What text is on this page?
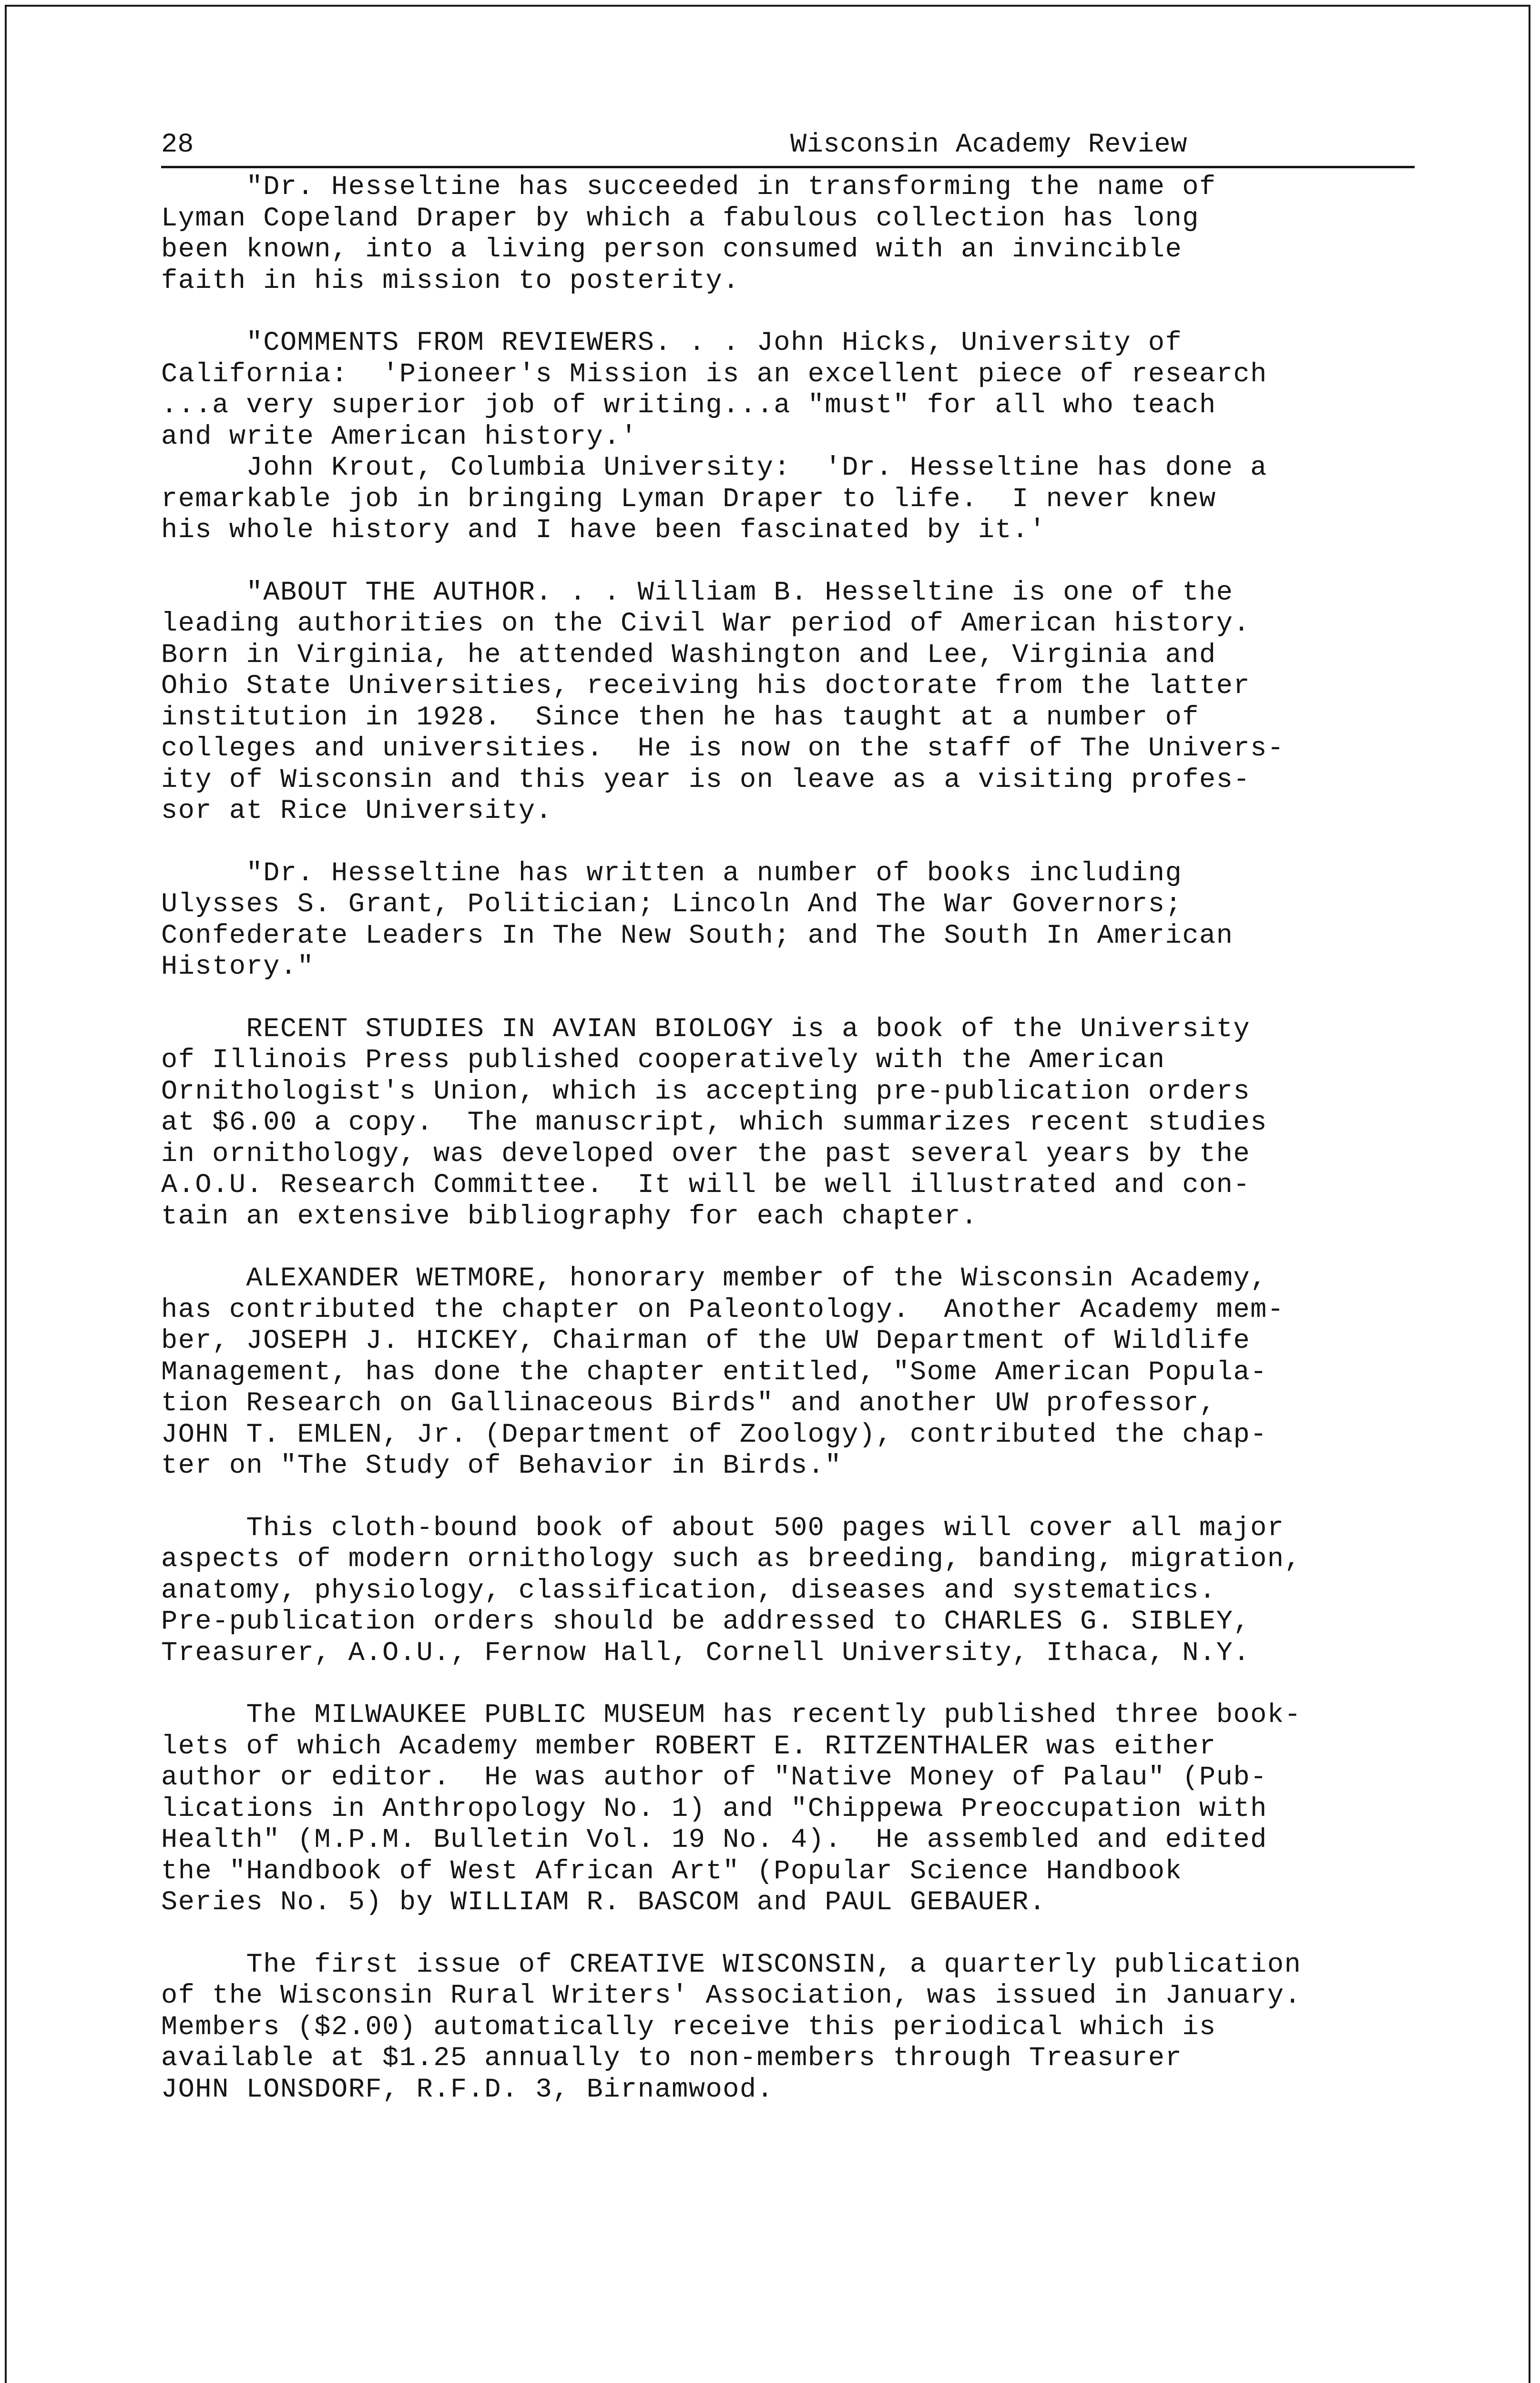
28	Wisconsin Academy Review
"Dr. Hesseltine has succeeded in transforming the name of
Lyman Copeland Draper by which a fabulous collection has long
been known, into a living person consumed with an invincible
faith in his mission to posterity.
"COMMENTS FROM REVIEWERS. . . John Hicks, University of
California:  'Pioneer's Mission is an excellent piece of research
...a very superior job of writing...a "must" for all who teach
and write American history.'
John Krout, Columbia University:  'Dr. Hesseltine has done a
remarkable job in bringing Lyman Draper to life.  I never knew
his whole history and I have been fascinated by it.'
"ABOUT THE AUTHOR. . . William B. Hesseltine is one of the
leading authorities on the Civil War period of American history.
Born in Virginia, he attended Washington and Lee, Virginia and
Ohio State Universities, receiving his doctorate from the latter
institution in 1928.  Since then he has taught at a number of
colleges and universities.  He is now on the staff of The Univers-
ity of Wisconsin and this year is on leave as a visiting profes-
sor at Rice University.
"Dr. Hesseltine has written a number of books including
Ulysses S. Grant, Politician; Lincoln And The War Governors;
Confederate Leaders In The New South; and The South In American
History."
RECENT STUDIES IN AVIAN BIOLOGY is a book of the University
of Illinois Press published cooperatively with the American
Ornithologist's Union, which is accepting pre-publication orders
at $6.00 a copy.  The manuscript, which summarizes recent studies
in ornithology, was developed over the past several years by the
A.O.U. Research Committee.  It will be well illustrated and con-
tain an extensive bibliography for each chapter.
ALEXANDER WETMORE, honorary member of the Wisconsin Academy,
has contributed the chapter on Paleontology.  Another Academy mem-
ber, JOSEPH J. HICKEY, Chairman of the UW Department of Wildlife
Management, has done the chapter entitled, "Some American Popula-
tion Research on Gallinaceous Birds" and another UW professor,
JOHN T. EMLEN, Jr. (Department of Zoology), contributed the chap-
ter on "The Study of Behavior in Birds."
This cloth-bound book of about 500 pages will cover all major
aspects of modern ornithology such as breeding, banding, migration,
anatomy, physiology, classification, diseases and systematics.
Pre-publication orders should be addressed to CHARLES G. SIBLEY,
Treasurer, A.O.U., Fernow Hall, Cornell University, Ithaca, N.Y.
The MILWAUKEE PUBLIC MUSEUM has recently published three book-
lets of which Academy member ROBERT E. RITZENTHALER was either
author or editor.  He was author of "Native Money of Palau" (Pub-
lications in Anthropology No. 1) and "Chippewa Preoccupation with
Health" (M.P.M. Bulletin Vol. 19 No. 4).  He assembled and edited
the "Handbook of West African Art" (Popular Science Handbook
Series No. 5) by WILLIAM R. BASCOM and PAUL GEBAUER.
The first issue of CREATIVE WISCONSIN, a quarterly publication
of the Wisconsin Rural Writers' Association, was issued in January.
Members ($2.00) automatically receive this periodical which is
available at $1.25 annually to non-members through Treasurer
JOHN LONSDORF, R.F.D. 3, Birnamwood.
